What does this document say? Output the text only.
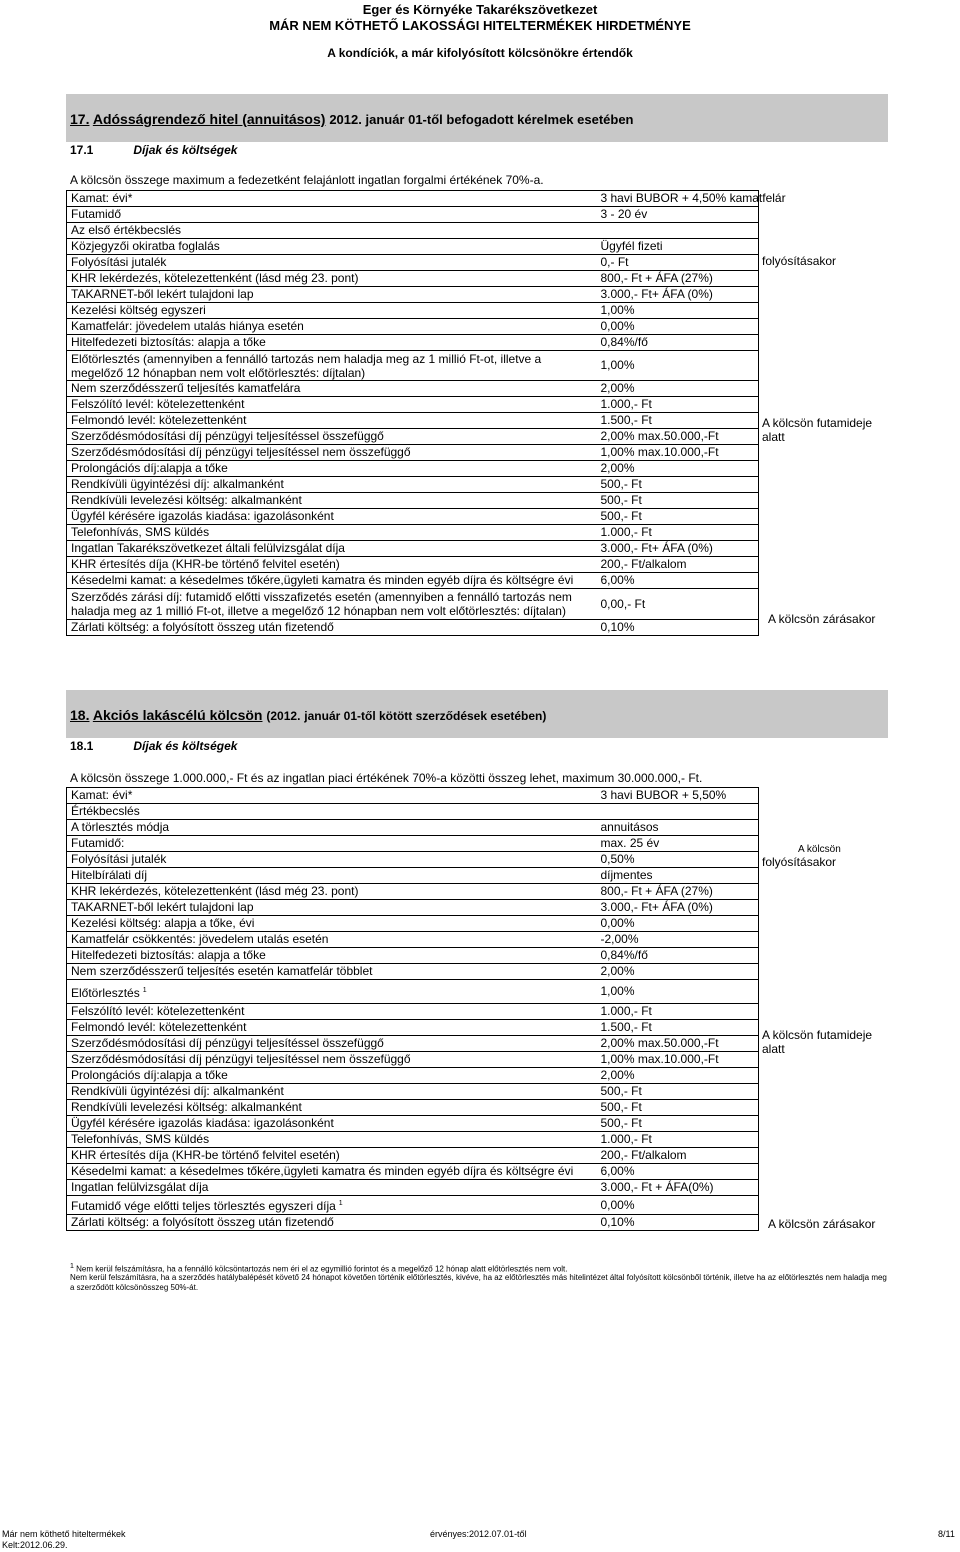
Eger és Környéke Takarékszövetkezet
MÁR NEM KÖTHETŐ LAKOSSÁGI HITELTERMÉKEK HIRDETMÉNYE
A kondíciók, a már kifolyósított kölcsönökre értendők
17. Adósságrendező hitel (annuitásos) 2012. január 01-től befogadott kérelmek esetében
17.1	Díjak és költségek
A kölcsön összege maximum a fedezetként felajánlott ingatlan forgalmi értékének 70%-a.
Kamat: évi*	3 havi BUBOR + 4,50% kamatfelár
Futamidő	3 - 20 év
Az első értékbecslés	
Közjegyzői okiratba foglalás	Ügyfél fizeti
Folyósítási jutalék	0,- Ft
KHR lekérdezés, kötelezettenként (lásd még 23. pont)	800,- Ft + ÁFA (27%)
TAKARNET-ből lekért tulajdoni lap	3.000,- Ft+ ÁFA (0%)
Kezelési költség egyszeri	1,00%
Kamatfelár: jövedelem utalás hiánya esetén	0,00%
Hitelfedezeti biztosítás: alapja a tőke	0,84%/fő
Előtörlesztés (amennyiben a fennálló tartozás nem haladja meg az 1 millió Ft-ot, illetve a megelőző 12 hónapban nem volt előtörlesztés: díjtalan)	1,00%
Nem szerződésszerű teljesítés kamatfelára	2,00%
Felszólító levél: kötelezettenként	1.000,- Ft
Felmondó levél: kötelezettenként	1.500,- Ft
Szerződésmódosítási díj pénzügyi teljesítéssel összefüggő	2,00% max.50.000,-Ft
Szerződésmódosítási díj pénzügyi teljesítéssel nem összefüggő	1,00% max.10.000,-Ft
Prolongációs díj:alapja a tőke	2,00%
Rendkívüli ügyintézési díj: alkalmanként	500,- Ft
Rendkívüli levelezési költség: alkalmanként	500,- Ft
Ügyfél kérésére igazolás kiadása: igazolásonként	500,- Ft
Telefonhívás, SMS küldés	1.000,- Ft
Ingatlan Takarékszövetkezet általi felülvizsgálat díja	3.000,- Ft+ ÁFA (0%)
KHR értesítés díja (KHR-be történő felvitel esetén)	200,- Ft/alkalom
Késedelmi kamat: a késedelmes tőkére,ügyleti kamatra és minden egyéb díjra és költségre évi	6,00%
Szerződés zárási díj: futamidő előtti visszafizetés esetén (amennyiben a fennálló tartozás nem haladja meg az 1 millió Ft-ot, illetve a megelőző 12 hónapban nem volt előtörlesztés: díjtalan)	0,00,- Ft
Zárlati költség: a folyósított összeg után fizetendő	0,10%
folyósításakor
A kölcsön futamideje alatt
A kölcsön zárásakor
18. Akciós lakáscélú kölcsön (2012. január 01-től kötött szerződések esetében)
18.1	Díjak és költségek
A kölcsön összege 1.000.000,- Ft és az ingatlan piaci értékének 70%-a közötti összeg lehet, maximum 30.000.000,- Ft.
Kamat: évi*	3 havi BUBOR + 5,50%
Értékbecslés	
A törlesztés módja	annuitásos
Futamidő:	max. 25 év
Folyósítási jutalék	0,50%
Hitelbírálati díj	díjmentes
KHR lekérdezés, kötelezettenként (lásd még 23. pont)	800,- Ft + ÁFA (27%)
TAKARNET-ből lekért tulajdoni lap	3.000,- Ft+ ÁFA (0%)
Kezelési költség: alapja a tőke, évi	0,00%
Kamatfelár csökkentés: jövedelem utalás esetén	-2,00%
Hitelfedezeti biztosítás: alapja a tőke	0,84%/fő
Nem szerződésszerű teljesítés esetén kamatfelár többlet	2,00%
Előtörlesztés $^1$	1,00%
Felszólító levél: kötelezettenként	1.000,- Ft
Felmondó levél: kötelezettenként	1.500,- Ft
Szerződésmódosítási díj pénzügyi teljesítéssel összefüggő	2,00% max.50.000,-Ft
Szerződésmódosítási díj pénzügyi teljesítéssel nem összefüggő	1,00% max.10.000,-Ft
Prolongációs díj:alapja a tőke	2,00%
Rendkívüli ügyintézési díj: alkalmanként	500,- Ft
Rendkívüli levelezési költség: alkalmanként	500,- Ft
Ügyfél kérésére igazolás kiadása: igazolásonként	500,- Ft
Telefonhívás, SMS küldés	1.000,- Ft
KHR értesítés díja (KHR-be történő felvitel esetén)	200,- Ft/alkalom
Késedelmi kamat: a késedelmes tőkére,ügyleti kamatra és minden egyéb díjra és költségre évi	6,00%
Ingatlan felülvizsgálat díja	3.000,- Ft + ÁFA(0%)
Futamidő vége előtti teljes törlesztés egyszeri díja $^1$	0,00%
Zárlati költség: a folyósított összeg után fizetendő	0,10%
A kölcsön
folyósításakor
A kölcsön futamideje alatt
A kölcsön zárásakor
$^1$ Nem kerül felszámításra, ha a fennálló kölcsöntartozás nem éri el az egymillió forintot és a megelőző 12 hónap alatt előtörlesztés nem volt.
Nem kerül felszámításra, ha a szerződés hatálybalépését követő 24 hónapot követően történik előtörlesztés, kivéve, ha az előtörlesztés más hitelintézet által folyósított kölcsönből történik, illetve ha az előtörlesztés nem haladja meg a szerződött kölcsönösszeg 50%-át.
Már nem köthető hiteltermékek
Kelt:2012.06.29.
érvényes:2012.07.01-től	8/11
